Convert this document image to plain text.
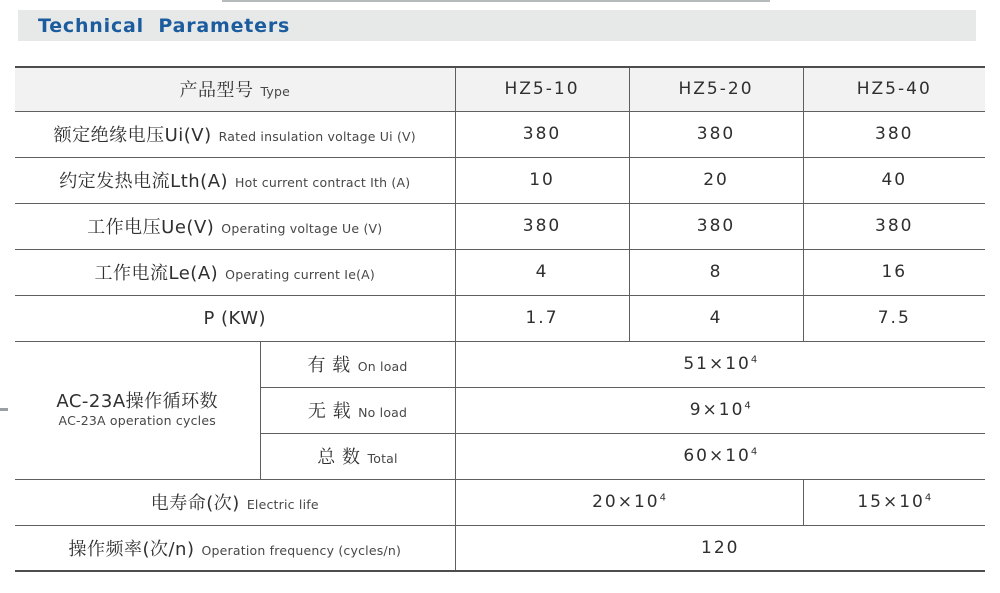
Technical Parameters
产品型号 Type		HZ5-10	HZ5-20	HZ5-40
额定绝缘电压Ui(V) Rated insulation voltage Ui (V)		380	380	380
约定发热电流Lth(A) Hot current contract Ith (A)		10	20	40
工作电压Ue(V) Operating voltage Ue (V)		380	380	380
工作电流Le(A) Operating current Ie(A)		4	8	16
P (KW)		1.7	4	7.5

AC-23A操作循环数
AC-23A operation cycles	有 载 On load	$51\times 10^4$
	无 载 No load	$9\times 10^4$
	总 数 Total	$60\times 10^4$
电寿命(次) Electric life		$20\times 10^4$		$15\times 10^4$
操作频率(次/n) Operation frequency (cycles/n)		120		
